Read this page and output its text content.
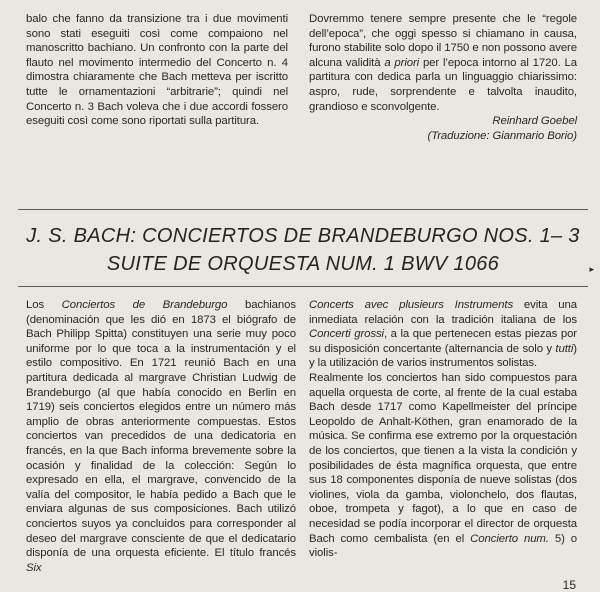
balo che fanno da transizione tra i due movimenti sono stati eseguiti così come compaiono nel manoscritto bachiano. Un confronto con la parte del flauto nel movimento intermedio del Concerto n. 4 dimostra chiaramente che Bach metteva per iscritto tutte le ornamentazioni “arbitrarie”; quindi nel Concerto n. 3 Bach voleva che i due accordi fossero eseguiti così come sono riportati sulla partitura.

Dovremmo tenere sempre presente che le “regole dell’epoca”, che oggi spesso si chiamano in causa, furono stabilite solo dopo il 1750 e non possono avere alcuna validità a priori per l’epoca intorno al 1720. La partitura con dedica parla un linguaggio chiarissimo: aspro, rude, sorprendente e talvolta inaudito, grandioso e sconvolgente.

Reinhard Goebel

(Traduzione: Gianmario Borio)

J. S. BACH: CONCIERTOS DE BRANDEBURGO NOS. 1– 3
SUITE DE ORQUESTA NUM. 1 BWV 1066

Los Conciertos de Brandeburgo bachianos (denominación que les dió en 1873 el biógrafo de Bach Philipp Spitta) constituyen una serie muy poco uniforme por lo que toca a la instrumentación y el estilo compositivo. En 1721 reunió Bach en una partitura dedicada al margrave Christian Ludwig de Brandeburgo (al que había conocido en Berlin en 1719) seis conciertos elegidos entre un número más amplio de obras anteriormente compuestas. Estos conciertos van precedidos de una dedicatoria en francés, en la que Bach informa brevemente sobre la ocasión y finalidad de la colección: Según lo expresado en ella, el margrave, convencido de la valía del compositor, le había pedido a Bach que le enviara algunas de sus composiciones. Bach utilizó conciertos suyos ya concluidos para corresponder al deseo del margrave consciente de que el dedicatario disponía de una orquesta eficiente. El título francés Six

Concerts avec plusieurs Instruments evita una inmediata relación con la tradición italiana de los Concerti grossi, a la que pertenecen estas piezas por su disposición concertante (alternancia de solo y tutti) y la utilización de varios instrumentos solistas.

Realmente los conciertos han sido compuestos para aquella orquesta de corte, al frente de la cual estaba Bach desde 1717 como Kapellmeister del príncipe Leopoldo de Anhalt-Köthen, gran enamorado de la música. Se confirma ese extremo por la orquestación de los conciertos, que tienen a la vista la condición y posibilidades de ésta magnífica orquesta, que entre sus 18 componentes disponía de nueve solistas (dos violines, viola da gamba, violonchelo, dos flautas, oboe, trompeta y fagot), a lo que en caso de necesidad se podía incorporar el director de orquesta Bach como cembalista (en el Concierto num. 5) o violis-

▸
15
